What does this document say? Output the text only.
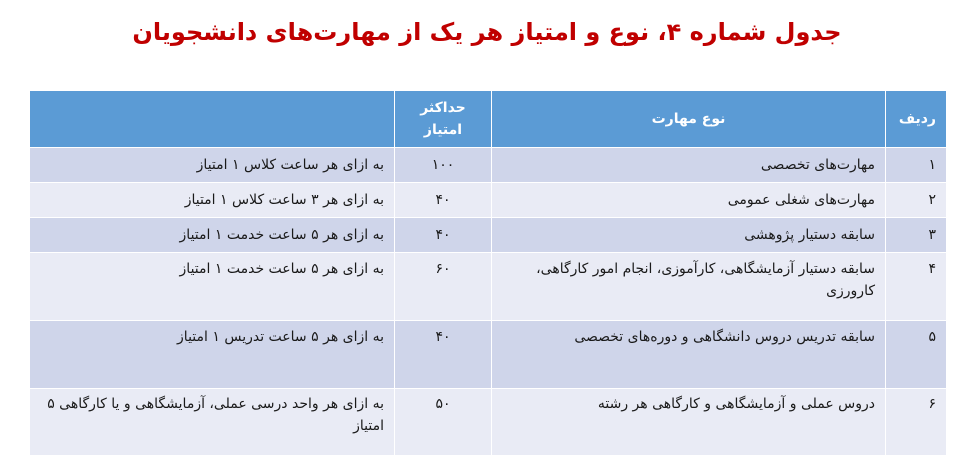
جدول شماره ۴، نوع و امتیاز هر یک از مهارت‌های دانشجویان
ردیف	نوع مهارت	حداکثر امتیاز	
۱	مهارت‌های تخصصی	۱۰۰	به ازای هر ساعت کلاس ۱ امتیاز
۲	مهارت‌های شغلی عمومی	۴۰	به ازای هر ۳ ساعت کلاس ۱ امتیاز
۳	سابقه دستیار پژوهشی	۴۰	به ازای هر ۵ ساعت خدمت ۱ امتیاز
۴	سابقه دستیار آزمایشگاهی، کارآموزی، انجام امور کارگاهی، کارورزی	۶۰	به ازای هر ۵ ساعت خدمت ۱ امتیاز
۵	سابقه تدریس دروس دانشگاهی و دوره‌های تخصصی	۴۰	به ازای هر ۵ ساعت تدریس ۱ امتیاز
۶	دروس عملی و آزمایشگاهی و کارگاهی هر رشته	۵۰	به ازای هر واحد درسی عملی، آزمایشگاهی و یا کارگاهی ۵ امتیاز
